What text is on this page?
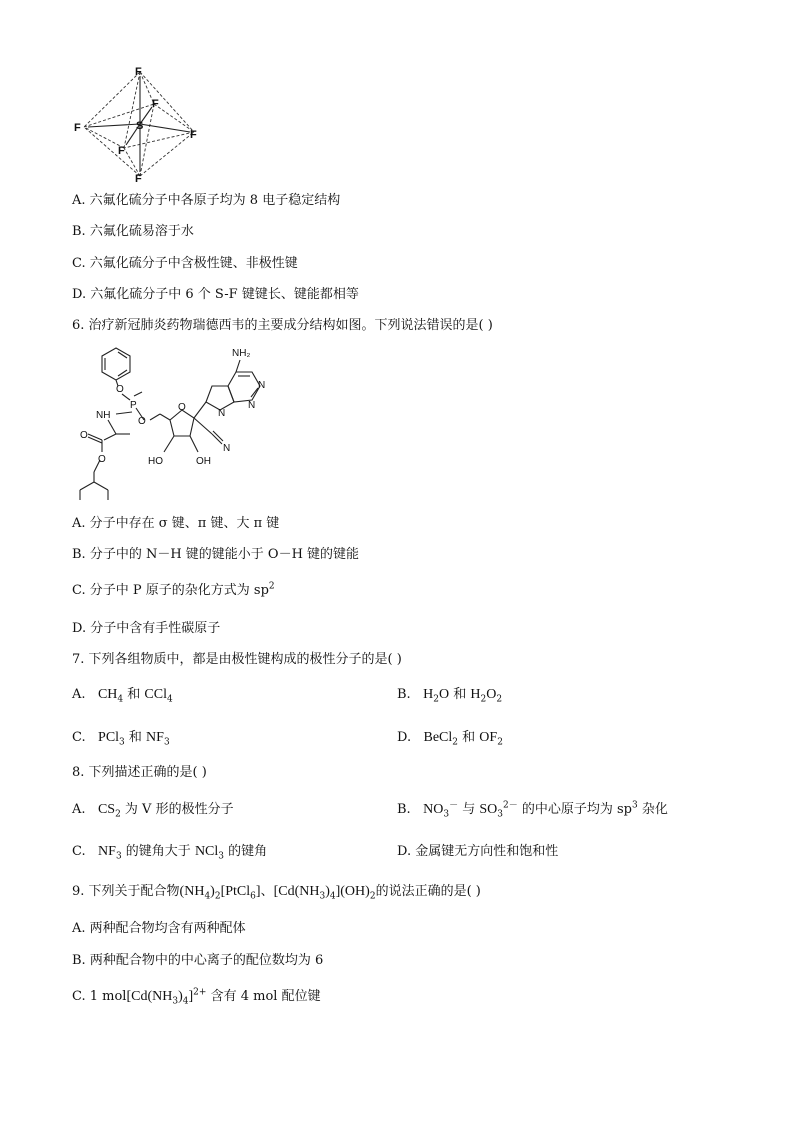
F
F
F
F
F
F
S
A. 六氟化硫分子中各原子均为 8 电子稳定结构
B. 六氟化硫易溶于水
C. 六氟化硫分子中含极性键、非极性键
D. 六氟化硫分子中 6 个 S-F 键键长、键能都相等
6. 治疗新冠肺炎药物瑞德西韦的主要成分结构如图。下列说法错误的是( )
O
P
NH
O
O
O
O
HO	OH
N
N
N
N
NH₂
A. 分子中存在 σ 键、π 键、大 π 键
B. 分子中的 N－H 键的键能小于 O－H 键的键能
C. 分子中 P 原子的杂化方式为 $sp^2$
D. 分子中含有手性碳原子
7. 下列各组物质中，都是由极性键构成的极性分子的是( )
A. $CH_4$ 和 CCl$_4$	B. $H_2O$ 和 $H_2O_2$
C. PCl$_3$ 和 $NF_3$	D. BeCl$_2$ 和 $OF_2$
8. 下列描述正确的是( )
A. $CS_2$ 为 V 形的极性分子	B. $NO_3^-$ 与 $SO_3^{2-}$ 的中心原子均为 $sp^3$ 杂化
C. $NF_3$ 的键角大于 NCl$_3$ 的键角	D. 金属键无方向性和饱和性
9. 下列关于配合物$(NH_4)_2[PtCl_6]$、$[Cd(NH_3)_4](OH)_2$的说法正确的是( )
A. 两种配合物均含有两种配体
B. 两种配合物中的中心离子的配位数均为 6
C. 1 $mol[Cd(NH_3)_4]^{2+}$ 含有 4 mol 配位键
